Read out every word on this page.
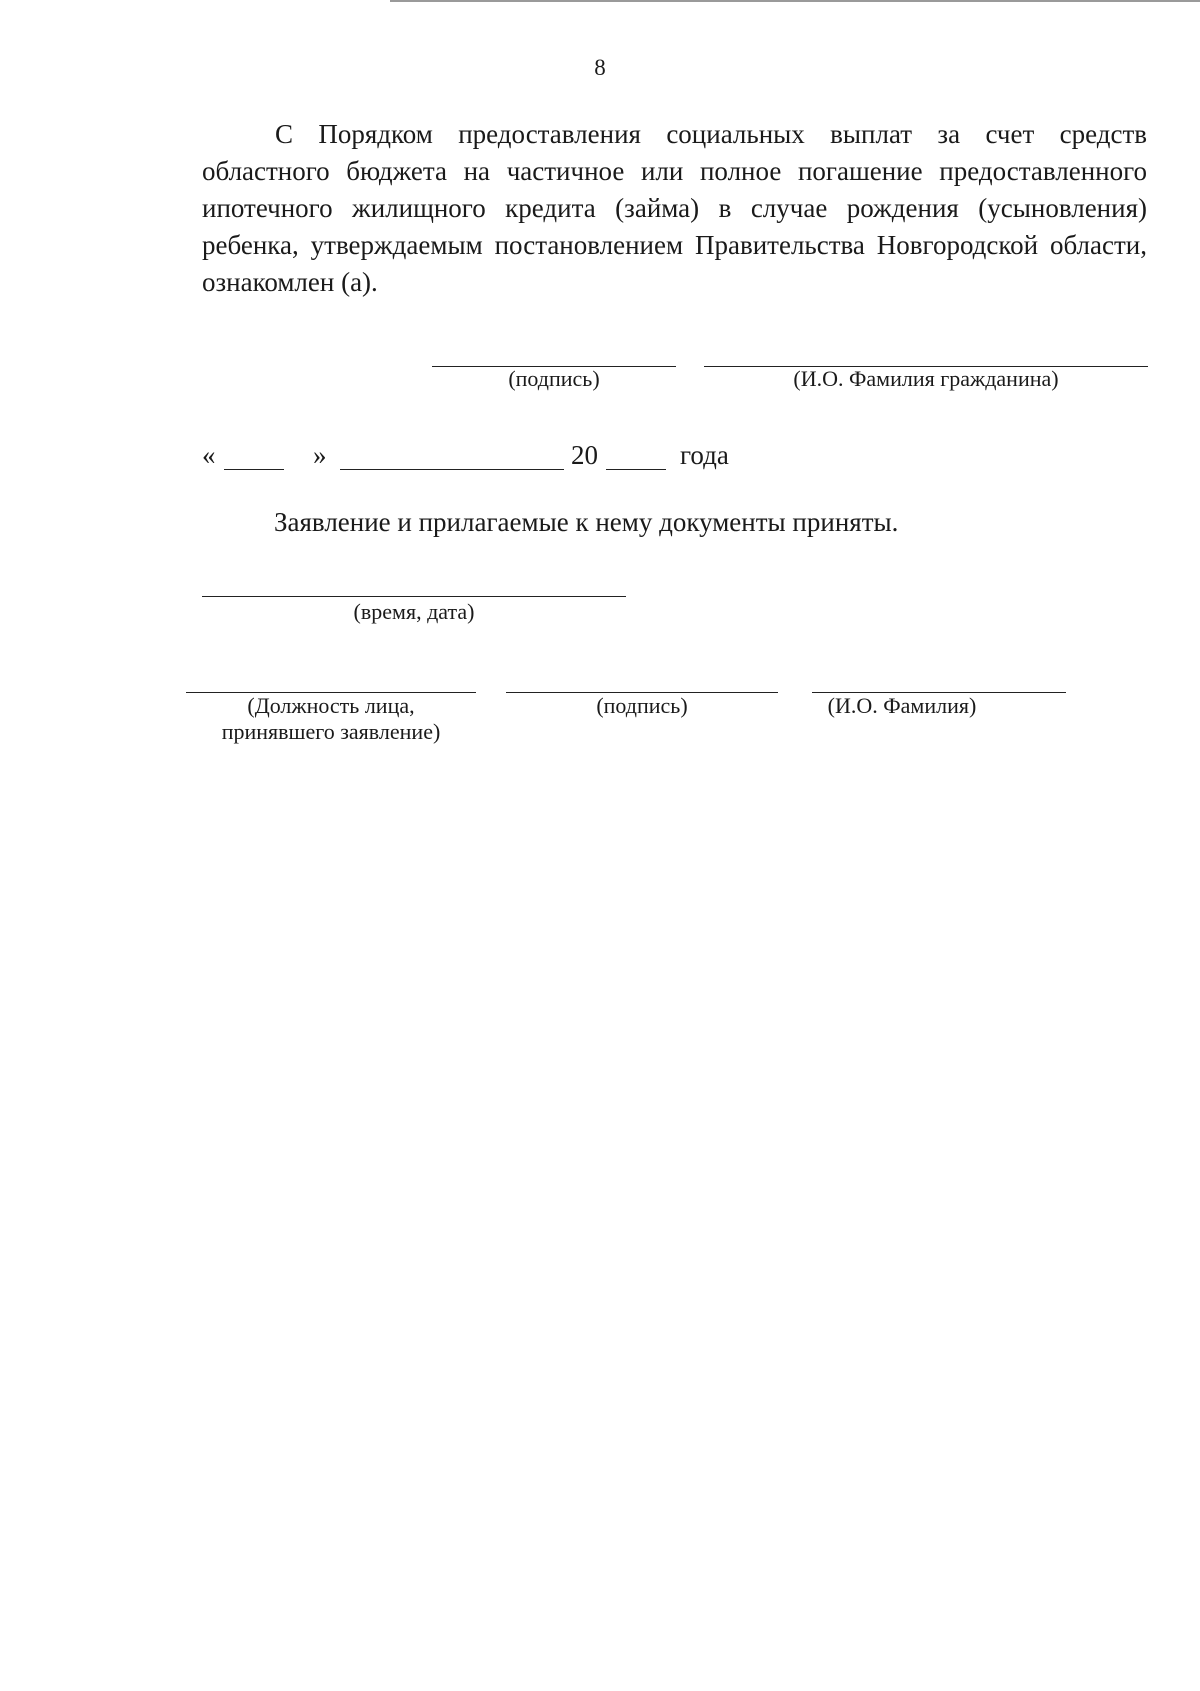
8

С Порядком предоставления социальных выплат за счет средств областного бюджета на частичное или полное погашение предоставленного ипотечного жилищного кредита (займа) в случае рождения (усыновления) ребенка, утверждаемым постановлением Правительства Новгородской области, ознакомлен (а).

(подпись)	(И.О. Фамилия гражданина)
«	»	20	года
Заявление и прилагаемые к нему документы приняты.
(время, дата)
(Должность лица,
принявшего заявление)
(подпись)	(И.О. Фамилия)
